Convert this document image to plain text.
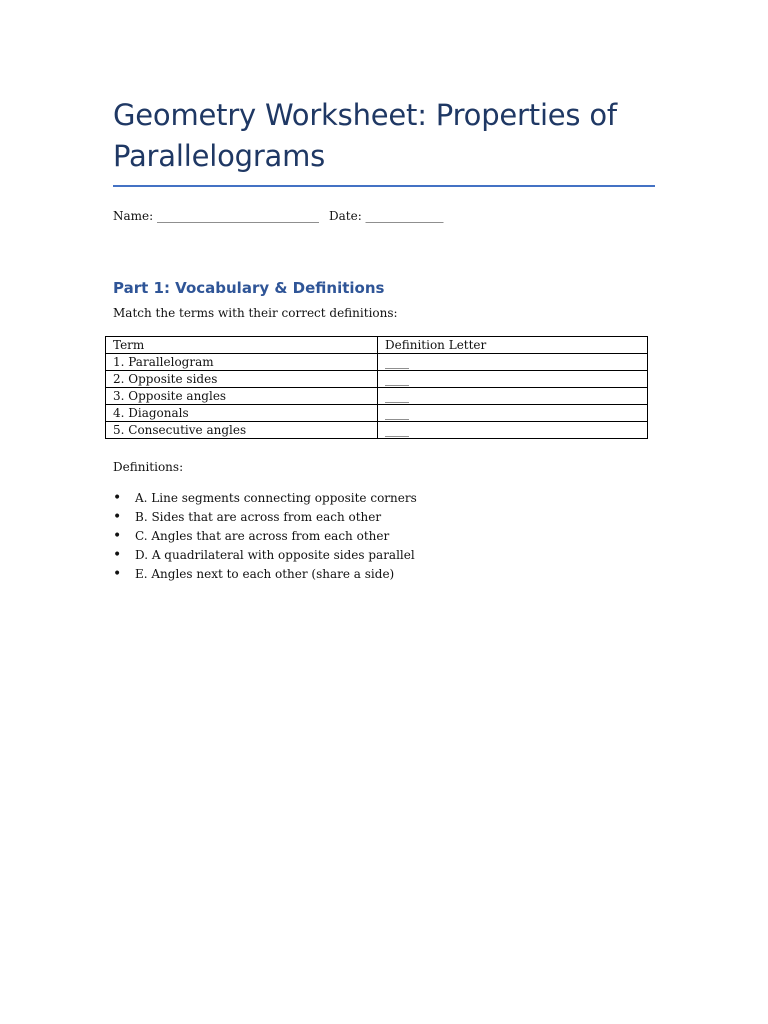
Geometry Worksheet: Properties of Parallelograms
Name: ___________________________ Date: _____________
Part 1: Vocabulary & Definitions
Match the terms with their correct definitions:
Term	Definition Letter
1. Parallelogram	____
2. Opposite sides	____
3. Opposite angles	____
4. Diagonals	____
5. Consecutive angles	____
Definitions:
• A. Line segments connecting opposite corners
• B. Sides that are across from each other
• C. Angles that are across from each other
• D. A quadrilateral with opposite sides parallel
• E. Angles next to each other (share a side)
